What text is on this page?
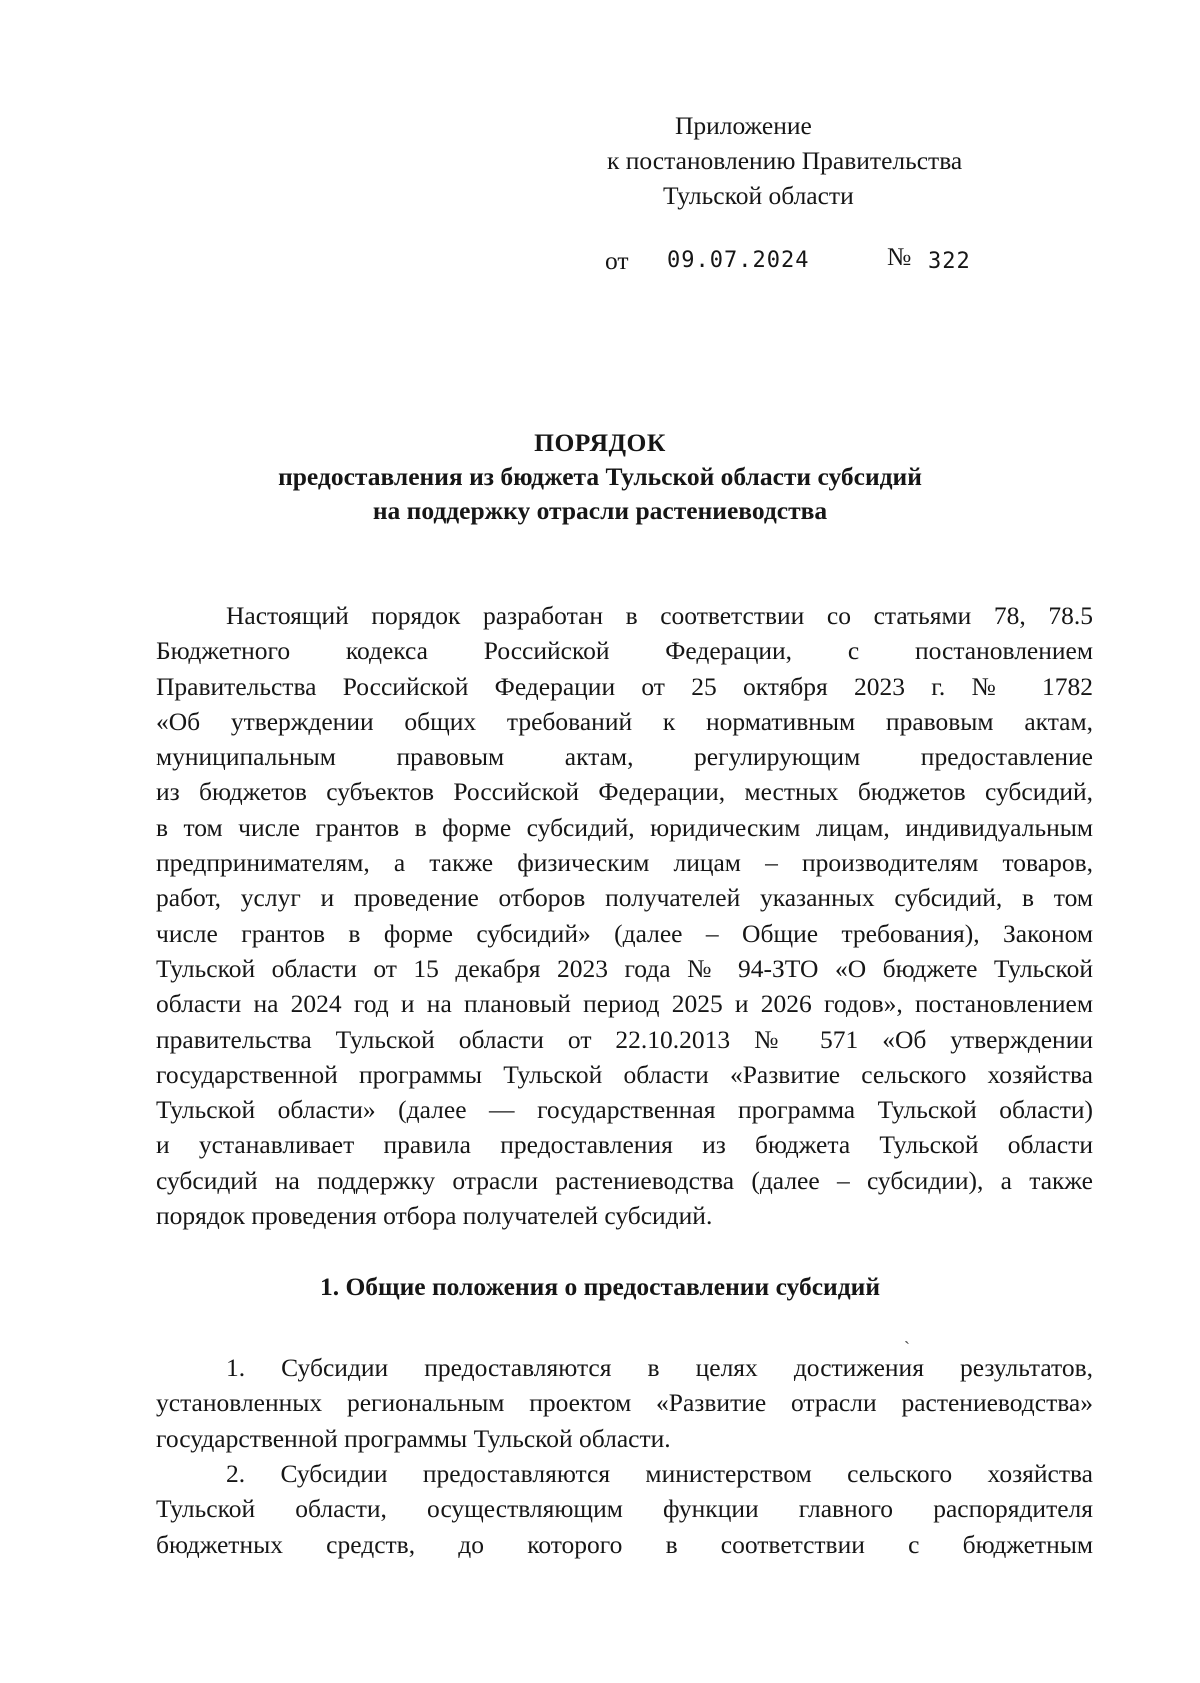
Приложение
к постановлению Правительства
Тульской области
от 09.07.2024	№ 322
ПОРЯДОК
предоставления из бюджета Тульской области субсидий
на поддержку отрасли растениеводства
Настоящий порядок разработан в соответствии со статьями 78, 78.5
Бюджетного кодекса Российской Федерации, с постановлением
Правительства Российской Федерации от 25 октября 2023 г. № 1782
«Об утверждении общих требований к нормативным правовым актам,
муниципальным правовым актам, регулирующим предоставление
из бюджетов субъектов Российской Федерации, местных бюджетов субсидий,
в том числе грантов в форме субсидий, юридическим лицам, индивидуальным
предпринимателям, а также физическим лицам – производителям товаров,
работ, услуг и проведение отборов получателей указанных субсидий, в том
числе грантов в форме субсидий» (далее – Общие требования), Законом
Тульской области от 15 декабря 2023 года № 94-ЗТО «О бюджете Тульской
области на 2024 год и на плановый период 2025 и 2026 годов», постановлением
правительства Тульской области от 22.10.2013 № 571 «Об утверждении
государственной программы Тульской области «Развитие сельского хозяйства
Тульской области» (далее — государственная программа Тульской области)
и устанавливает правила предоставления из бюджета Тульской области
субсидий на поддержку отрасли растениеводства (далее – субсидии), а также
порядок проведения отбора получателей субсидий.
1. Общие положения о предоставлении субсидий
ˏ
1. Субсидии предоставляются в целях достижения результатов,
установленных региональным проектом «Развитие отрасли растениеводства»
государственной программы Тульской области.
2. Субсидии предоставляются министерством сельского хозяйства
Тульской области, осуществляющим функции главного распорядителя
бюджетных средств, до которого в соответствии с бюджетным
